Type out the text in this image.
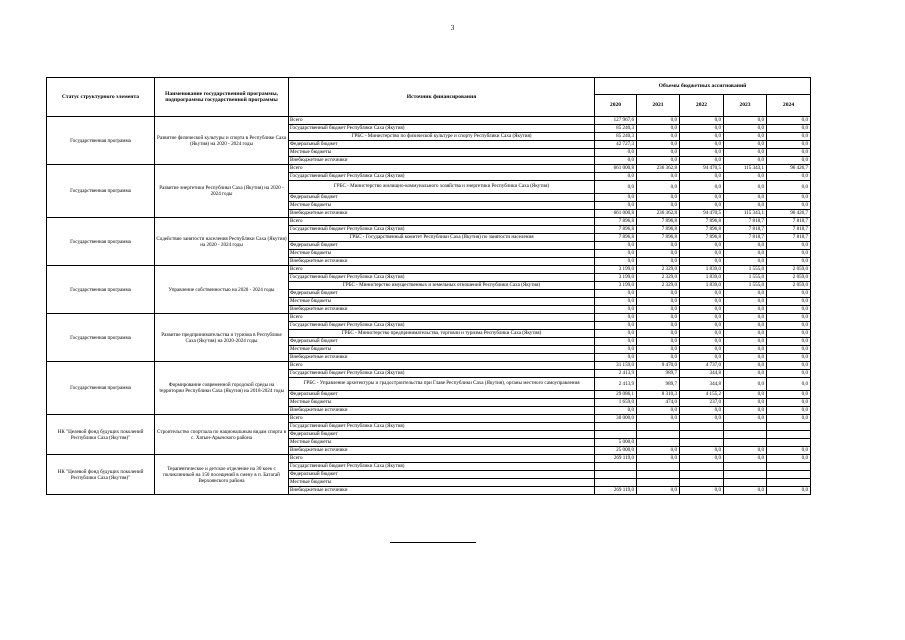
3
Статус структурного элемента	Наименование государственной программы, подпрограммы государственной программы	Источник финансирования	Объемы бюджетных ассигнований				
			2020	2021	2022	2023	2024
Государственная программа	Развитие физической культуры и спорта в Республике Саха (Якутия) на 2020 - 2024 годы	Всего	127 967,6	0,0	0,0	0,0	0,0
		Государственный бюджет Республики Саха (Якутия)	85 240,3	0,0	0,0	0,0	0,0
		ГРБС - Министерство по физической культуре и спорту Республики Саха (Якутия)	85 240,3	0,0	0,0	0,0	0,0
		Федеральный бюджет	42 727,3	0,0	0,0	0,0	0,0
		Местные бюджеты	0,0	0,0	0,0	0,0	0,0
		Внебюджетные источники	0,0	0,0	0,0	0,0	0,0
Государственная программа	Развитие энергетики Республики Саха (Якутия) на 2020 - 2024 годы	Всего	661 000,8	236 362,8	94 470,5	115 343,1	96 426,7
		Государственный бюджет Республики Саха (Якутия)	0,0	0,0	0,0	0,0	0,0
		ГРБС - Министерство жилищно-коммунального хозяйства и энергетики Республики Саха (Якутия)	0,0	0,0	0,0	0,0	0,0
		Федеральный бюджет	0,0	0,0	0,0	0,0	0,0
		Местные бюджеты	0,0	0,0	0,0	0,0	0,0
		Внебюджетные источники	661 000,8	236 362,8	94 470,5	115 343,1	96 426,7
Государственная программа	Содействие занятости населения Республики Саха (Якутия) на 2020 - 2024 годы	Всего	7 896,8	7 896,8	7 896,8	7 818,7	7 818,7
		Государственный бюджет Республики Саха (Якутия)	7 896,8	7 896,8	7 896,8	7 818,7	7 818,7
		ГРБС - Государственный комитет Республики Саха (Якутия) по занятости населения	7 896,8	7 896,8	7 896,8	7 818,7	7 818,7
		Федеральный бюджет	0,0	0,0	0,0	0,0	0,0
		Местные бюджеты	0,0	0,0	0,0	0,0	0,0
		Внебюджетные источники	0,0	0,0	0,0	0,0	0,0
Государственная программа	Управление собственностью на 2020 - 2024 годы	Всего	3 199,0	2 329,0	1 839,0	1 555,0	2 059,0
		Государственный бюджет Республики Саха (Якутия)	3 199,0	2 329,0	1 839,0	1 555,0	2 059,0
		ГРБС - Министерство имущественных и земельных отношений Республики Саха (Якутия)	3 199,0	2 329,0	1 839,0	1 555,0	2 059,0
		Федеральный бюджет	0,0	0,0	0,0	0,0	0,0
		Местные бюджеты	0,0	0,0	0,0	0,0	0,0
		Внебюджетные источники	0,0	0,0	0,0	0,0	0,0
Государственная программа	Развитие предпринимательства и туризма в Республике Саха (Якутия) на 2020-2024 годы	Всего	0,0	0,0	0,0	0,0	0,0
		Государственный бюджет Республики Саха (Якутия)	0,0	0,0	0,0	0,0	0,0
		ГРБС - Министерство предпринимательства, торговли и туризма Республики Саха (Якутия)	0,0	0,0	0,0	0,0	0,0
		Федеральный бюджет	0,0	0,0	0,0	0,0	0,0
		Местные бюджеты	0,0	0,0	0,0	0,0	0,0
		Внебюджетные источники	0,0	0,0	0,0	0,0	0,0
Государственная программа	Формирование современной городской среды на территории Республики Саха (Якутия) на 2018-2024 годы	Всего	31 159,0	9 470,0	4 737,0	0,0	0,0
		Государственный бюджет Республики Саха (Якутия)	2 413,9	989,7	344,8	0,0	0,0
		ГРБС - Управление архитектуры и градостроительства при Главе Республики Саха (Якутия), органы местного самоуправления	2 413,9	989,7	344,8	0,0	0,0
		Федеральный бюджет	29 086,1	8 310,3	4 155,2	0,0	0,0
		Местные бюджеты	1 659,0	474,0	237,0	0,0	0,0
		Внебюджетные источники	0,0	0,0	0,0	0,0	0,0
НК "Целевой фонд будущих поколений Республики Саха (Якутия)"	Строительство спортзала по национальным видам спорта в с. Хатын-Арынского района	Всего	30 000,0	0,0	0,0	0,0	0,0
		Государственный бюджет Республики Саха (Якутия)					
		Федеральный бюджет					
		Местные бюджеты	5 000,0				
		Внебюджетные источники	25 000,0	0,0	0,0	0,0	0,0
НК "Целевой фонд будущих поколений Республики Саха (Якутия)"	Терапевтическое и детское отделение на 30 коек с поликлиникой на 150 посещений в смену в п. Батагай Верхоянского района	Всего	269 119,0	0,0	0,0	0,0	0,0
		Государственный бюджет Республики Саха (Якутия)					
		Федеральный бюджет					
		Местные бюджеты					
		Внебюджетные источники	269 119,0	0,0	0,0	0,0	0,0
